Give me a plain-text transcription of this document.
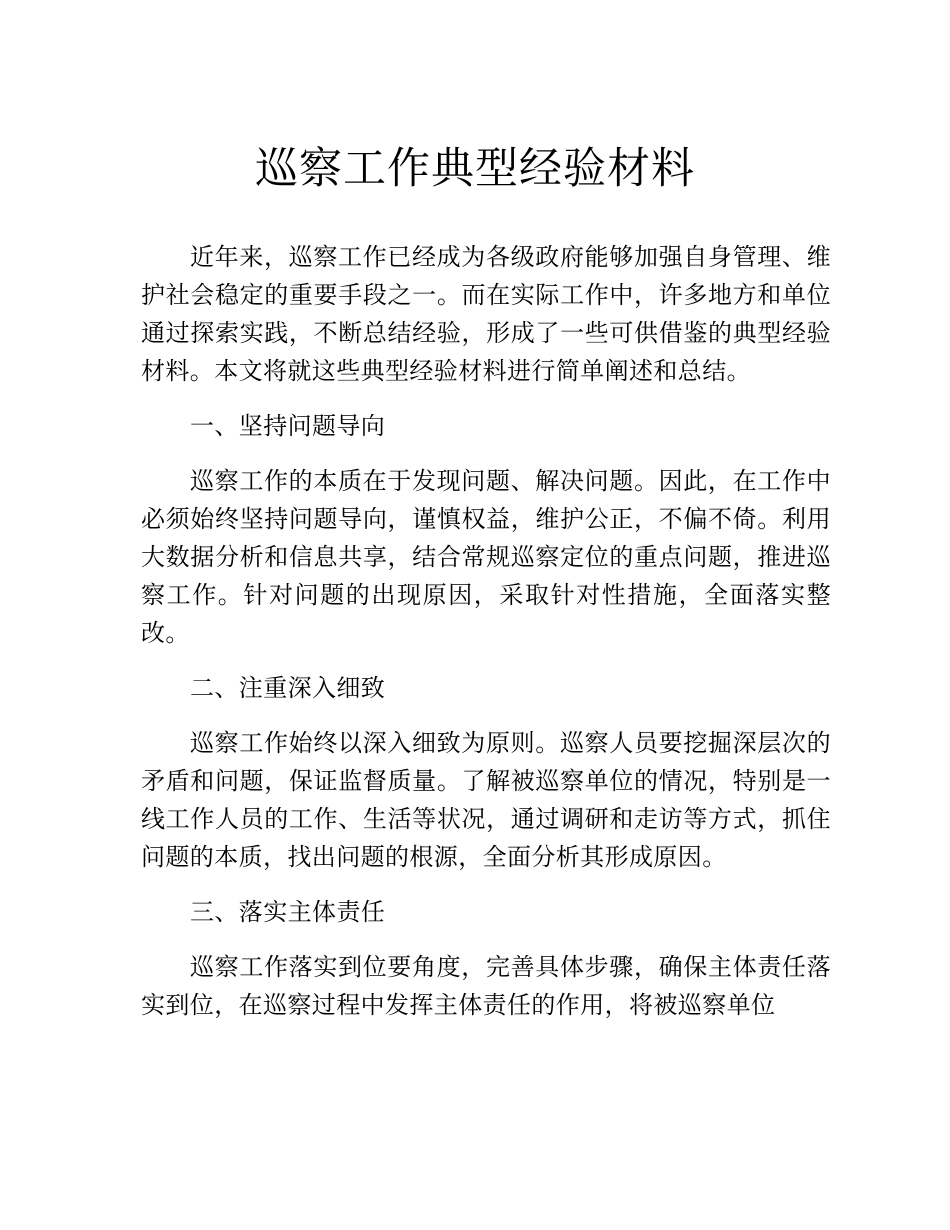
巡察工作典型经验材料

近年来，巡察工作已经成为各级政府能够加强自身管理、维护社会稳定的重要手段之一。而在实际工作中，许多地方和单位通过探索实践，不断总结经验，形成了一些可供借鉴的典型经验材料。本文将就这些典型经验材料进行简单阐述和总结。

一、坚持问题导向

巡察工作的本质在于发现问题、解决问题。因此，在工作中必须始终坚持问题导向，谨慎权益，维护公正，不偏不倚。利用大数据分析和信息共享，结合常规巡察定位的重点问题，推进巡察工作。针对问题的出现原因，采取针对性措施，全面落实整改。

二、注重深入细致

巡察工作始终以深入细致为原则。巡察人员要挖掘深层次的矛盾和问题，保证监督质量。了解被巡察单位的情况，特别是一线工作人员的工作、生活等状况，通过调研和走访等方式，抓住问题的本质，找出问题的根源，全面分析其形成原因。

三、落实主体责任

巡察工作落实到位要角度，完善具体步骤，确保主体责任落实到位，在巡察过程中发挥主体责任的作用，将被巡察单位
